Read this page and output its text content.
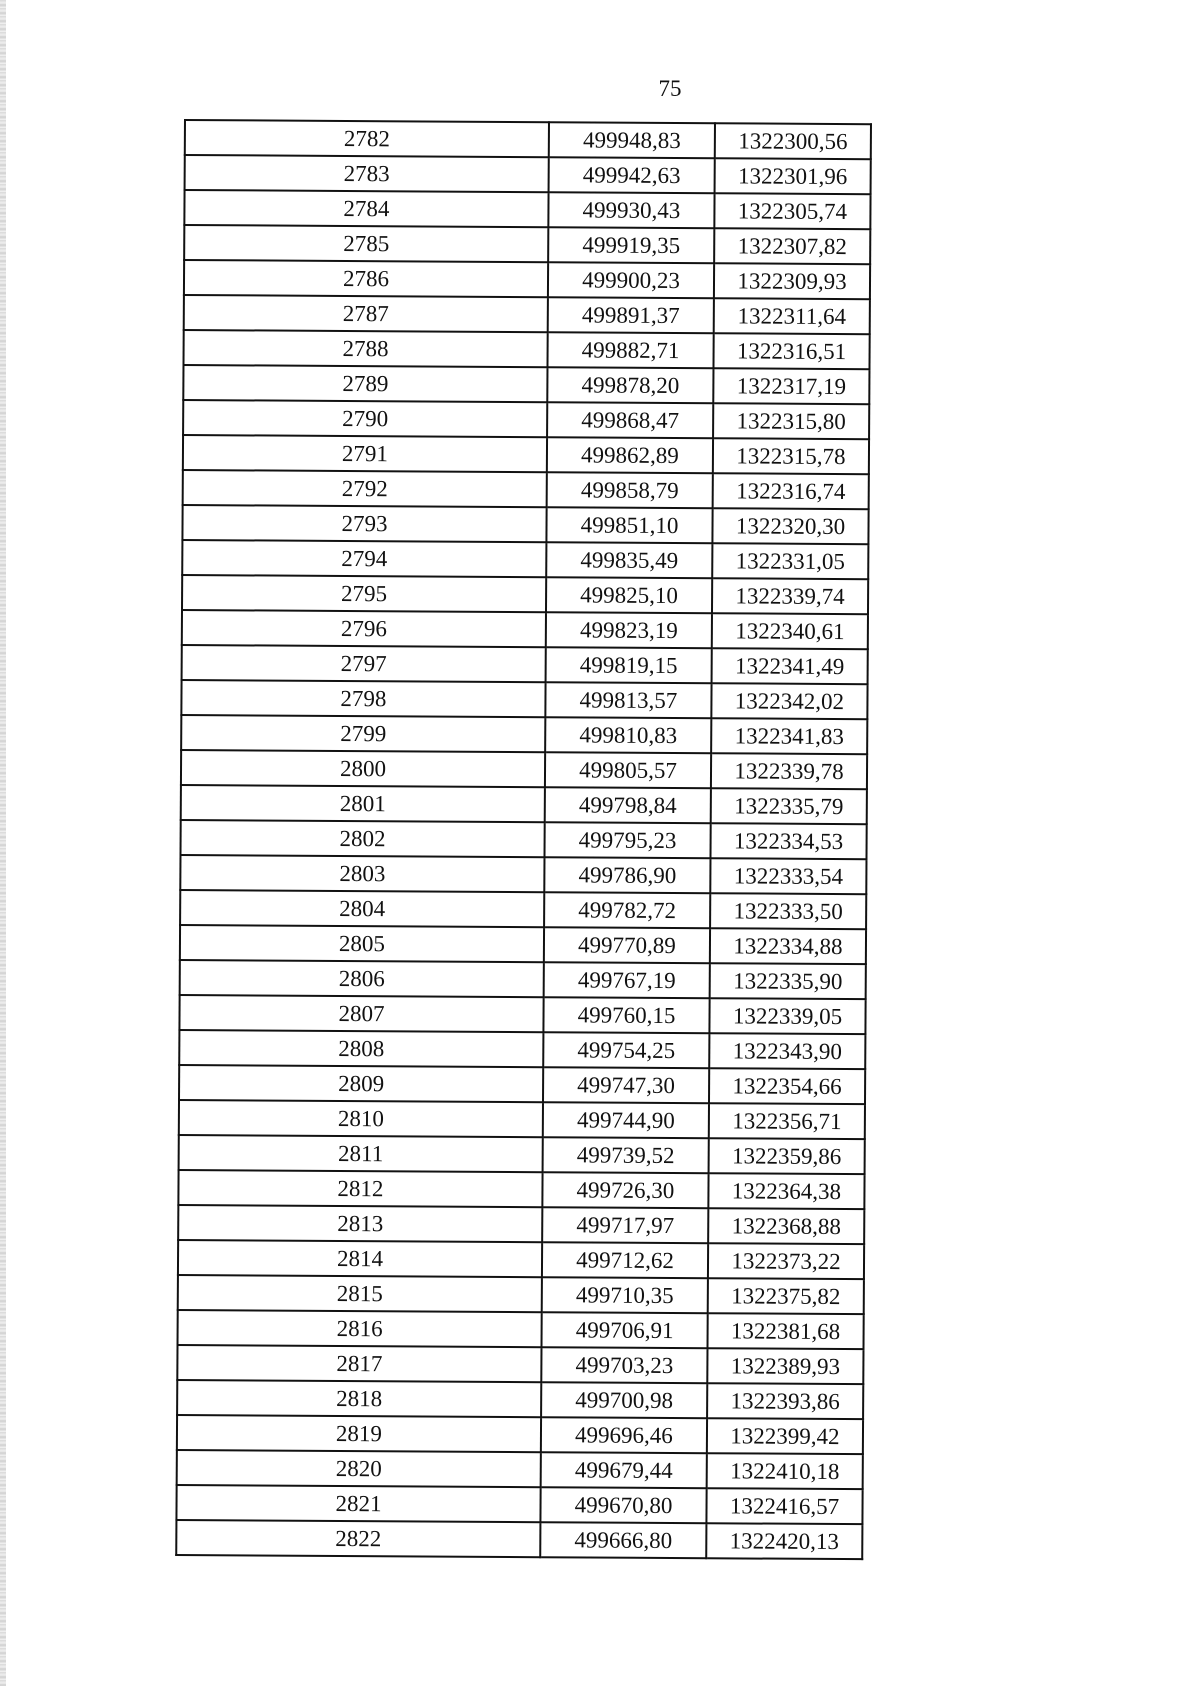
75
2782	499948,83	1322300,56
2783	499942,63	1322301,96
2784	499930,43	1322305,74
2785	499919,35	1322307,82
2786	499900,23	1322309,93
2787	499891,37	1322311,64
2788	499882,71	1322316,51
2789	499878,20	1322317,19
2790	499868,47	1322315,80
2791	499862,89	1322315,78
2792	499858,79	1322316,74
2793	499851,10	1322320,30
2794	499835,49	1322331,05
2795	499825,10	1322339,74
2796	499823,19	1322340,61
2797	499819,15	1322341,49
2798	499813,57	1322342,02
2799	499810,83	1322341,83
2800	499805,57	1322339,78
2801	499798,84	1322335,79
2802	499795,23	1322334,53
2803	499786,90	1322333,54
2804	499782,72	1322333,50
2805	499770,89	1322334,88
2806	499767,19	1322335,90
2807	499760,15	1322339,05
2808	499754,25	1322343,90
2809	499747,30	1322354,66
2810	499744,90	1322356,71
2811	499739,52	1322359,86
2812	499726,30	1322364,38
2813	499717,97	1322368,88
2814	499712,62	1322373,22
2815	499710,35	1322375,82
2816	499706,91	1322381,68
2817	499703,23	1322389,93
2818	499700,98	1322393,86
2819	499696,46	1322399,42
2820	499679,44	1322410,18
2821	499670,80	1322416,57
2822	499666,80	1322420,13
